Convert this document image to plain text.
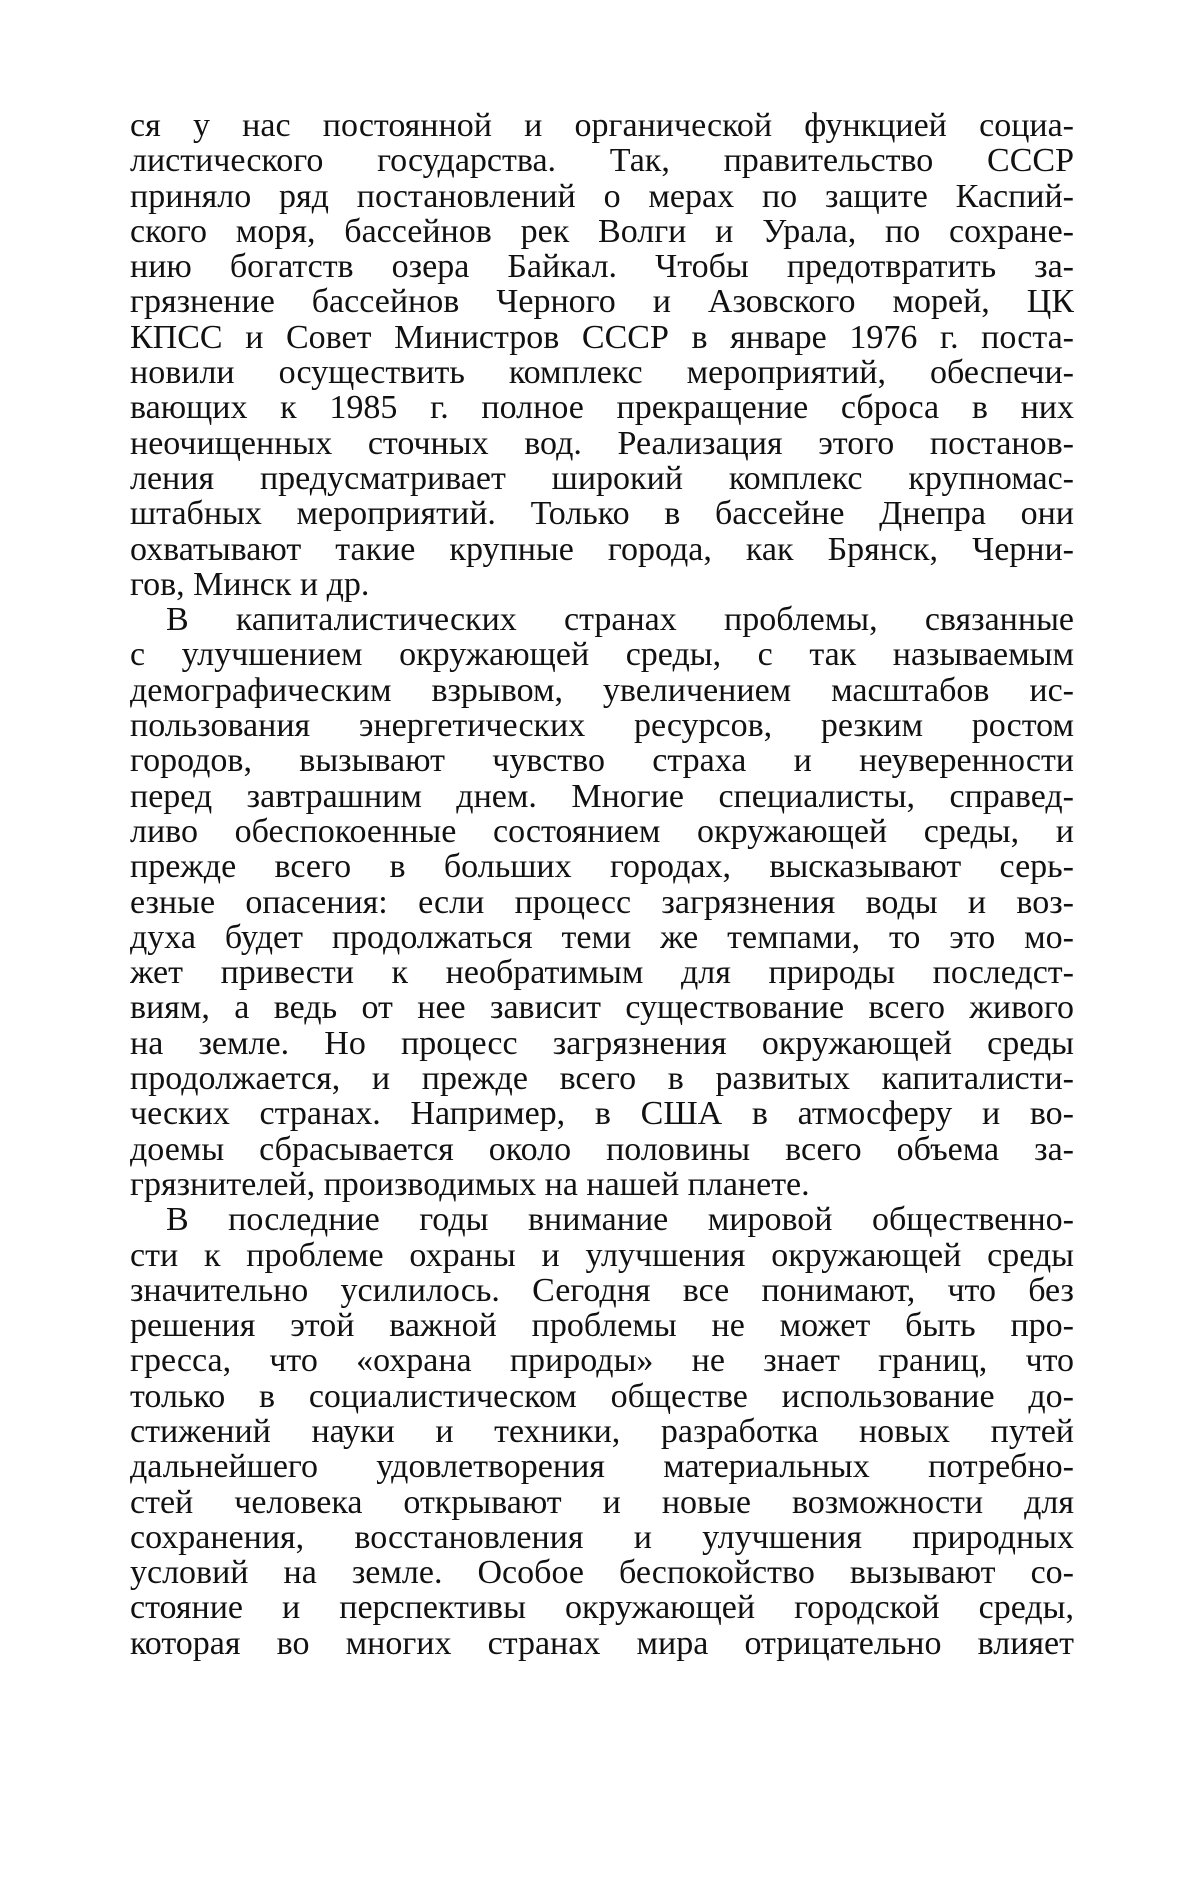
ся у нас постоянной и органической функцией социа-
листического государства. Так, правительство СССР
приняло ряд постановлений о мерах по защите Каспий-
ского моря, бассейнов рек Волги и Урала, по сохране-
нию богатств озера Байкал. Чтобы предотвратить за-
грязнение бассейнов Черного и Азовского морей, ЦК
КПСС и Совет Министров СССР в январе 1976 г. поста-
новили осуществить комплекс мероприятий, обеспечи-
вающих к 1985 г. полное прекращение сброса в них
неочищенных сточных вод. Реализация этого постанов-
ления предусматривает широкий комплекс крупномас-
штабных мероприятий. Только в бассейне Днепра они
охватывают такие крупные города, как Брянск, Черни-
гов, Минск и др.
В капиталистических странах проблемы, связанные
с улучшением окружающей среды, с так называемым
демографическим взрывом, увеличением масштабов ис-
пользования энергетических ресурсов, резким ростом
городов, вызывают чувство страха и неуверенности
перед завтрашним днем. Многие специалисты, справед-
ливо обеспокоенные состоянием окружающей среды, и
прежде всего в больших городах, высказывают серь-
езные опасения: если процесс загрязнения воды и воз-
духа будет продолжаться теми же темпами, то это мо-
жет привести к необратимым для природы последст-
виям, а ведь от нее зависит существование всего живого
на земле. Но процесс загрязнения окружающей среды
продолжается, и прежде всего в развитых капиталисти-
ческих странах. Например, в США в атмосферу и во-
доемы сбрасывается около половины всего объема за-
грязнителей, производимых на нашей планете.
В последние годы внимание мировой общественно-
сти к проблеме охраны и улучшения окружающей среды
значительно усилилось. Сегодня все понимают, что без
решения этой важной проблемы не может быть про-
гресса, что «охрана природы» не знает границ, что
только в социалистическом обществе использование до-
стижений науки и техники, разработка новых путей
дальнейшего удовлетворения материальных потребно-
стей человека открывают и новые возможности для
сохранения, восстановления и улучшения природных
условий на земле. Особое беспокойство вызывают со-
стояние и перспективы окружающей городской среды,
которая во многих странах мира отрицательно влияет
